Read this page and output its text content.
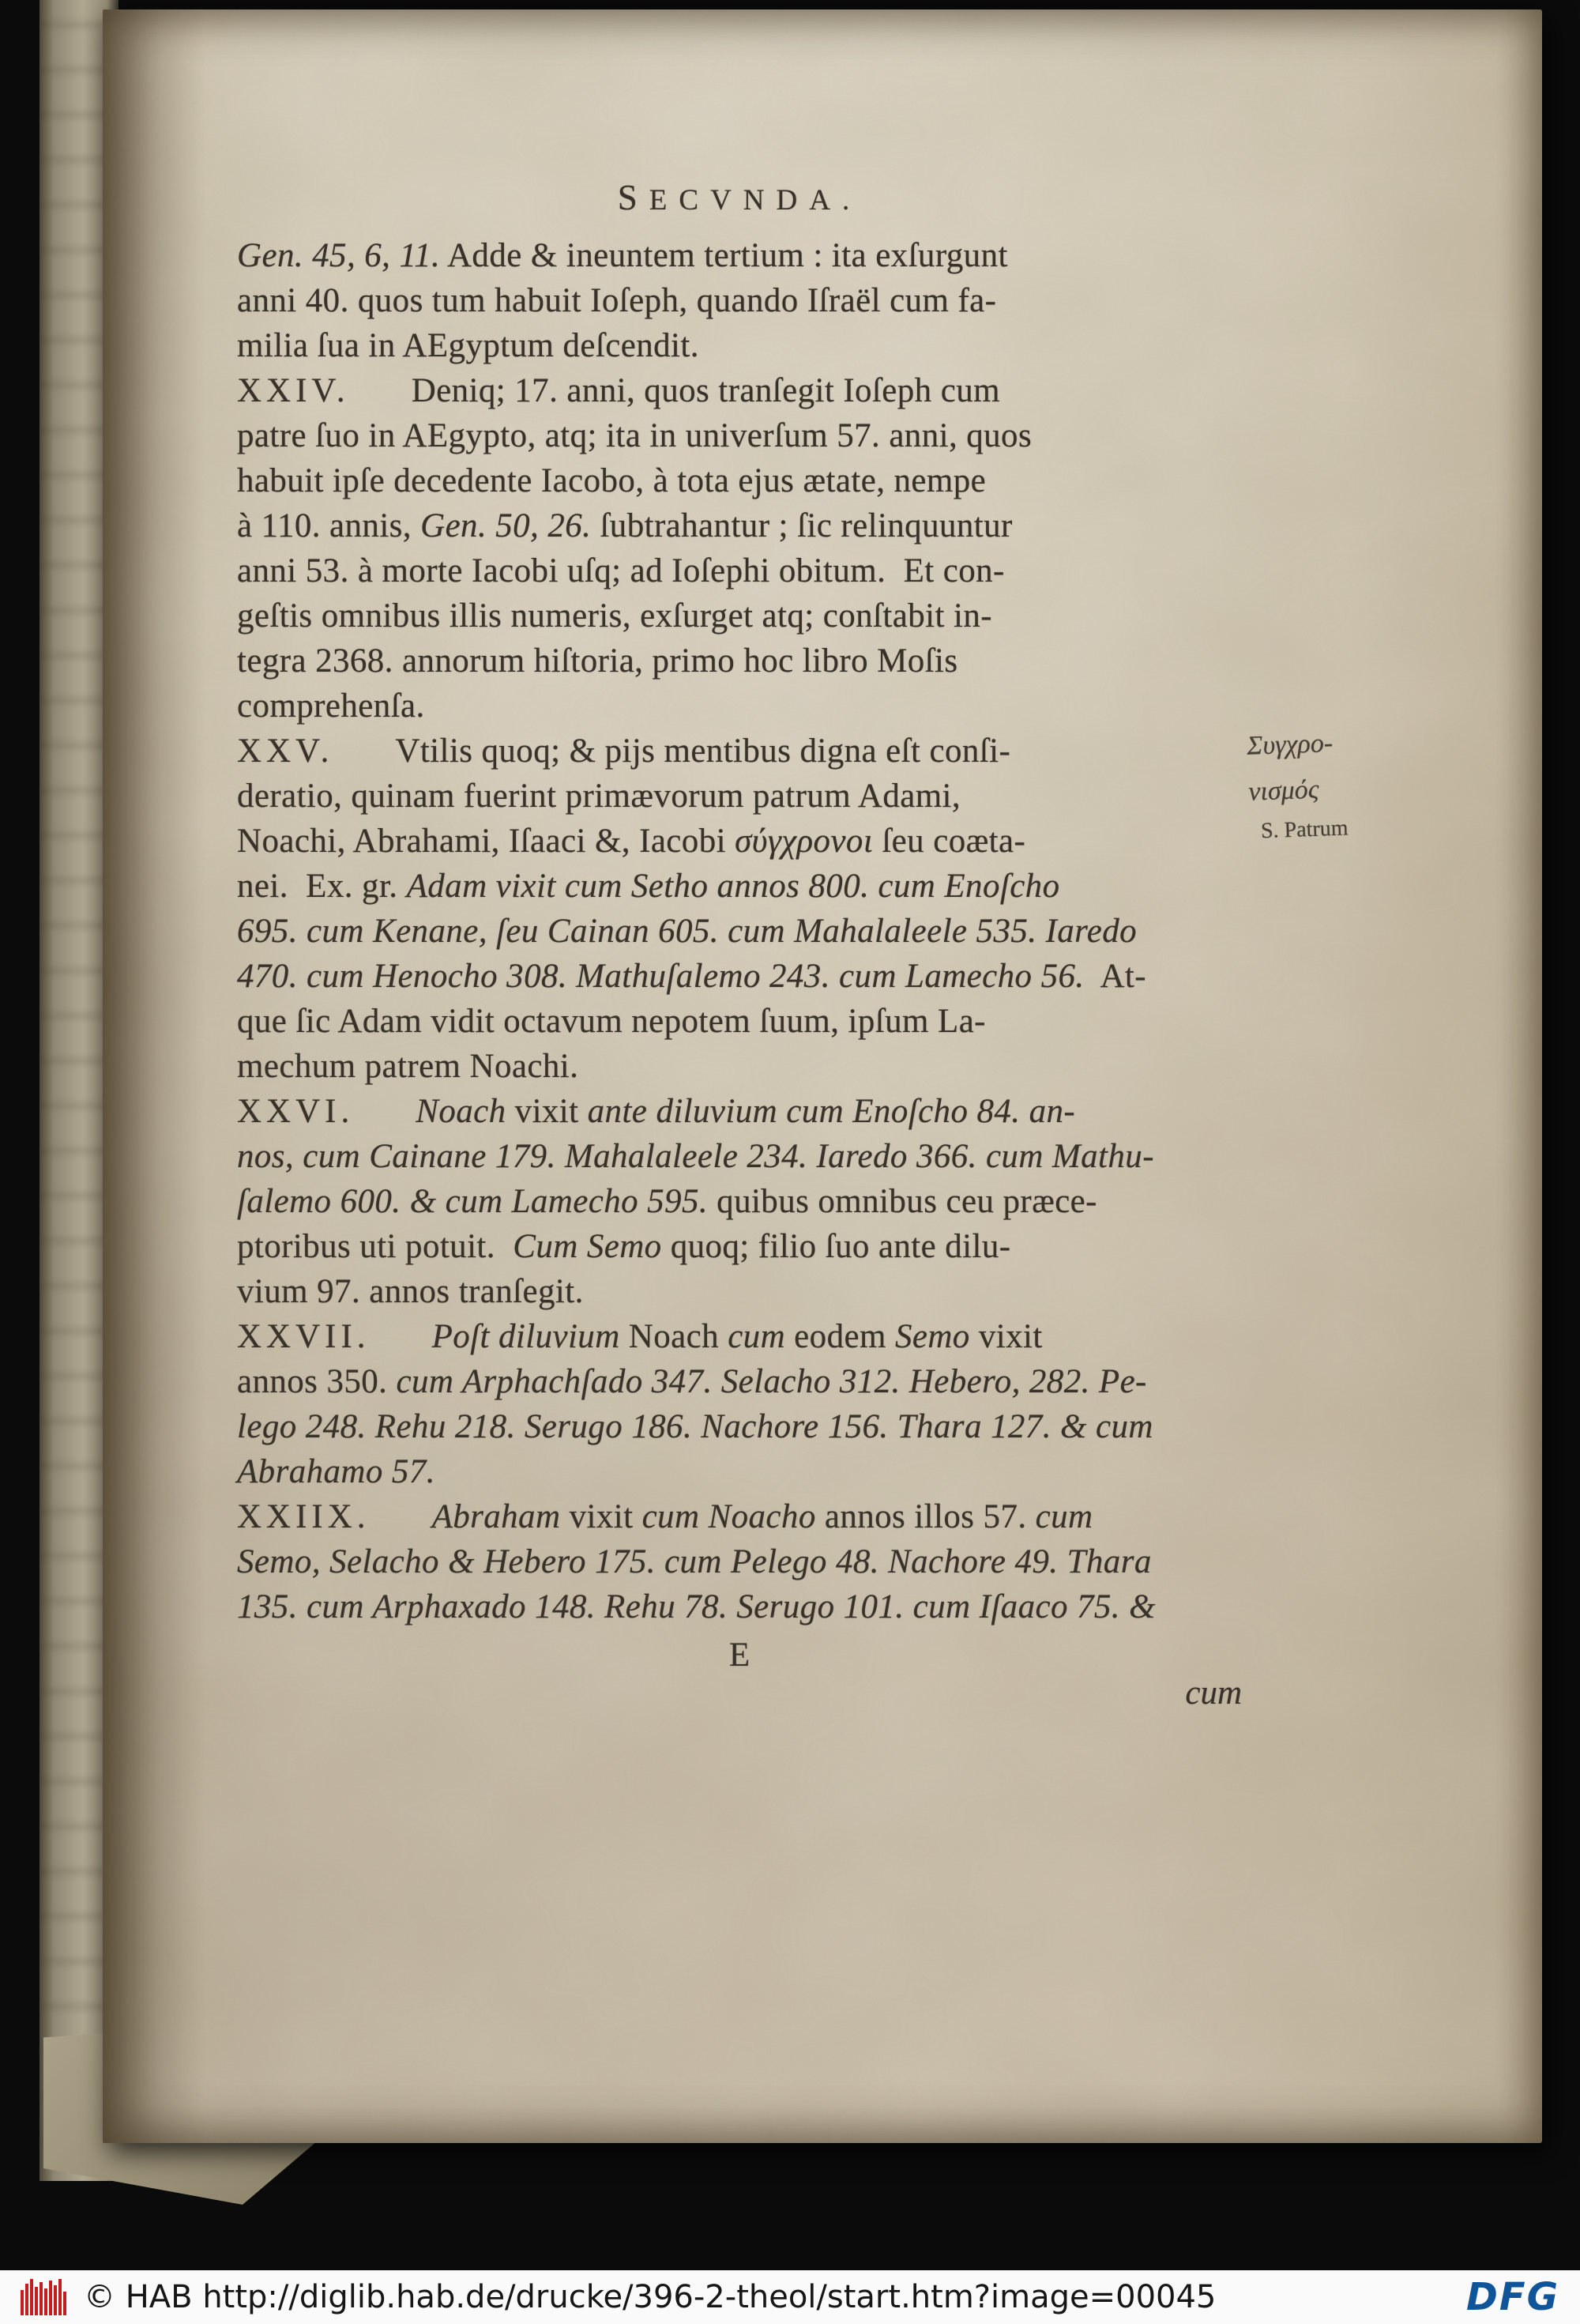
SECVNDA.
Gen. 45, 6, 11. Adde & ineuntem tertium : ita exſurgunt
anni 40. quos tum habuit Ioſeph, quando Iſraël cum fa-
milia ſua in AEgyptum deſcendit.
XXIV. Deniq; 17. anni, quos tranſegit Ioſeph cum
patre ſuo in AEgypto, atq; ita in univerſum 57. anni, quos
habuit ipſe decedente Iacobo, à tota ejus ætate, nempe
à 110. annis, Gen. 50, 26. ſubtrahantur ; ſic relinquuntur
anni 53. à morte Iacobi uſq; ad Ioſephi obitum.  Et con-
geſtis omnibus illis numeris, exſurget atq; conſtabit in-
tegra 2368. annorum hiſtoria, primo hoc libro Moſis
comprehenſa.
XXV. Vtilis quoq; & pijs mentibus digna eſt conſi-
deratio, quinam fuerint primævorum patrum Adami,
Noachi, Abrahami, Iſaaci &, Iacobi σύγχρονοι ſeu coæta-
nei.  Ex. gr. Adam vixit cum Setho annos 800. cum Enoſcho
695. cum Kenane, ſeu Cainan 605. cum Mahalaleele 535. Iaredo
470. cum Henocho 308. Mathuſalemo 243. cum Lamecho 56.  At-
que ſic Adam vidit octavum nepotem ſuum, ipſum La-
mechum patrem Noachi.
XXVI. Noach vixit ante diluvium cum Enoſcho 84. an-
nos, cum Cainane 179. Mahalaleele 234. Iaredo 366. cum Mathu-
ſalemo 600. & cum Lamecho 595. quibus omnibus ceu præce-
ptoribus uti potuit.  Cum Semo quoq; filio ſuo ante dilu-
vium 97. annos tranſegit.
XXVII. Poſt diluvium Noach cum eodem Semo vixit
annos 350. cum Arphachſado 347. Selacho 312. Hebero, 282. Pe-
lego 248. Rehu 218. Serugo 186. Nachore 156. Thara 127. & cum
Abrahamo 57.
XXIIX. Abraham vixit cum Noacho annos illos 57. cum
Semo, Selacho & Hebero 175. cum Pelego 48. Nachore 49. Thara
135. cum Arphaxado 148. Rehu 78. Serugo 101. cum Iſaaco 75. &
Συγχρο-
νισμός
S. Patrum
E
cum
© HAB http://diglib.hab.de/drucke/396-2-theol/start.htm?image=00045	DFG
